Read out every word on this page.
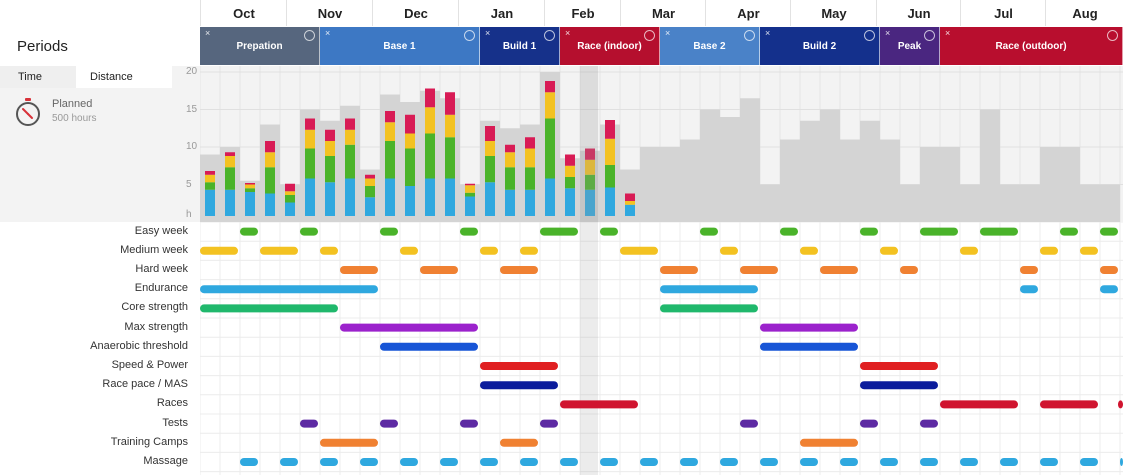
Oct	Nov	Dec	Jan	Feb	Mar	Apr	May	Jun	Jul	Aug
Periods
×
Prepation
×
Base 1
×
Build 1
×
Race (indoor)
×
Base 2
×
Build 2
×
Peak
×
Race (outdoor)
20
15
10
5
h
Time	Distance
Planned
500 hours
Easy week
Medium week
Hard week
Endurance
Core strength
Max strength
Anaerobic threshold
Speed & Power
Race pace / MAS
Races
Tests
Training Camps
Massage
